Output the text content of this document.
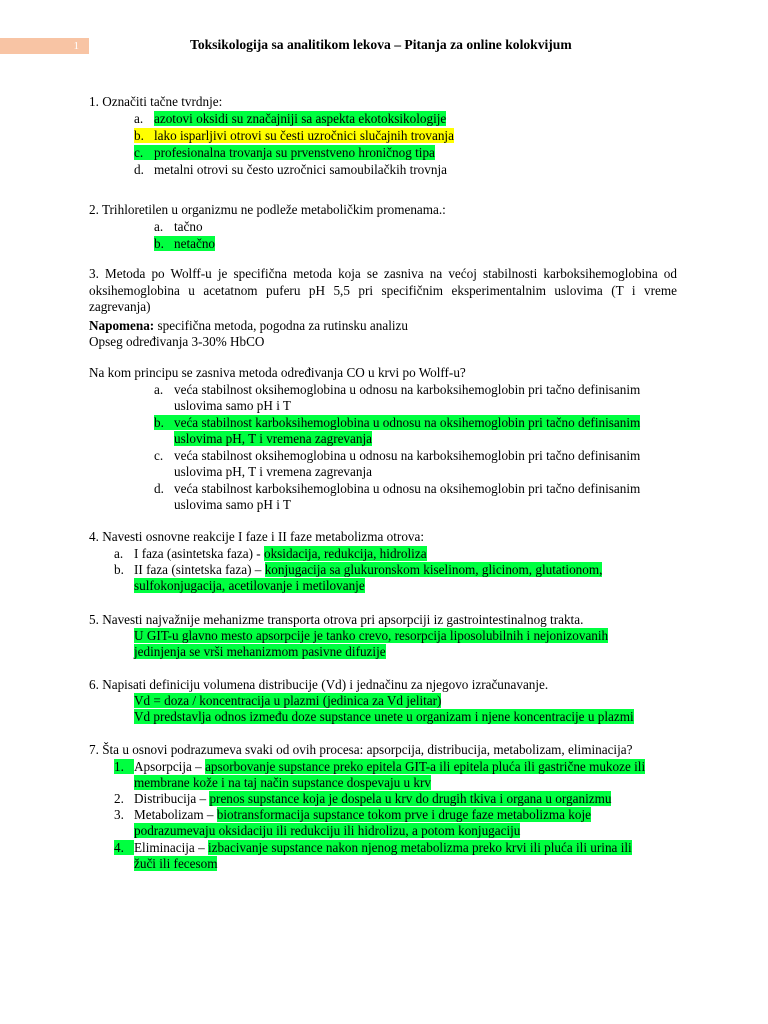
1	Toksikologija sa analitikom lekova – Pitanja za online kolokvijum
1. Označiti tačne tvrdnje:
a. azotovi oksidi su značajniji sa aspekta ekotoksikologije
b. lako isparljivi otrovi su česti uzročnici slučajnih trovanja
c. profesionalna trovanja su prvenstveno hroničnog tipa
d. metalni otrovi su često uzročnici samoubilačkih trovnja
2. Trihloretilen u organizmu ne podleže metaboličkim promenama.:
a. tačno
b. netačno
3. Metoda po Wolff-u je specifična metoda koja se zasniva na većoj stabilnosti karboksihemoglobina od oksihemoglobina u acetatnom puferu pH 5,5 pri specifičnim eksperimentalnim uslovima (T i vreme zagrevanja)
Napomena: specifična metoda, pogodna za rutinsku analizu
Opseg određivanja 3-30% HbCO
Na kom principu se zasniva metoda određivanja CO u krvi po Wolff-u?
a. veća stabilnost oksihemoglobina u odnosu na karboksihemoglobin pri tačno definisanim
uslovima samo pH i T
b. veća stabilnost karboksihemoglobina u odnosu na oksihemoglobin pri tačno definisanim
uslovima pH, T i vremena zagrevanja
c. veća stabilnost oksihemoglobina u odnosu na karboksihemoglobin pri tačno definisanim
uslovima pH, T i vremena zagrevanja
d. veća stabilnost karboksihemoglobina u odnosu na oksihemoglobin pri tačno definisanim
uslovima samo pH i T
4. Navesti osnovne reakcije I faze i II faze metabolizma otrova:
a. I faza (asintetska faza) - oksidacija, redukcija, hidroliza
b. II faza (sintetska faza) – konjugacija sa glukuronskom kiselinom, glicinom, glutationom,
sulfokonjugacija, acetilovanje i metilovanje
5. Navesti najvažnije mehanizme transporta otrova pri apsorpciji iz gastrointestinalnog trakta.
U GIT-u glavno mesto apsorpcije je tanko crevo, resorpcija liposolubilnih i nejonizovanih
jedinjenja se vrši mehanizmom pasivne difuzije
6. Napisati definiciju volumena distribucije (Vd) i jednačinu za njegovo izračunavanje.
Vd = doza / koncentracija u plazmi (jedinica za Vd jelitar)
Vd predstavlja odnos između doze supstance unete u organizam i njene koncentracije u plazmi
7. Šta u osnovi podrazumeva svaki od ovih procesa: apsorpcija, distribucija, metabolizam, eliminacija?
1. Apsorpcija – apsorbovanje supstance preko epitela GIT-a ili epitela pluća ili gastrične mukoze ili
membrane kože i na taj način supstance dospevaju u krv
2. Distribucija – prenos supstance koja je dospela u krv do drugih tkiva i organa u organizmu
3. Metabolizam – biotransformacija supstance tokom prve i druge faze metabolizma koje
podrazumevaju oksidaciju ili redukciju ili hidrolizu, a potom konjugaciju
4. Eliminacija – izbacivanje supstance nakon njenog metabolizma preko krvi ili pluća ili urina ili
žuči ili fecesom
